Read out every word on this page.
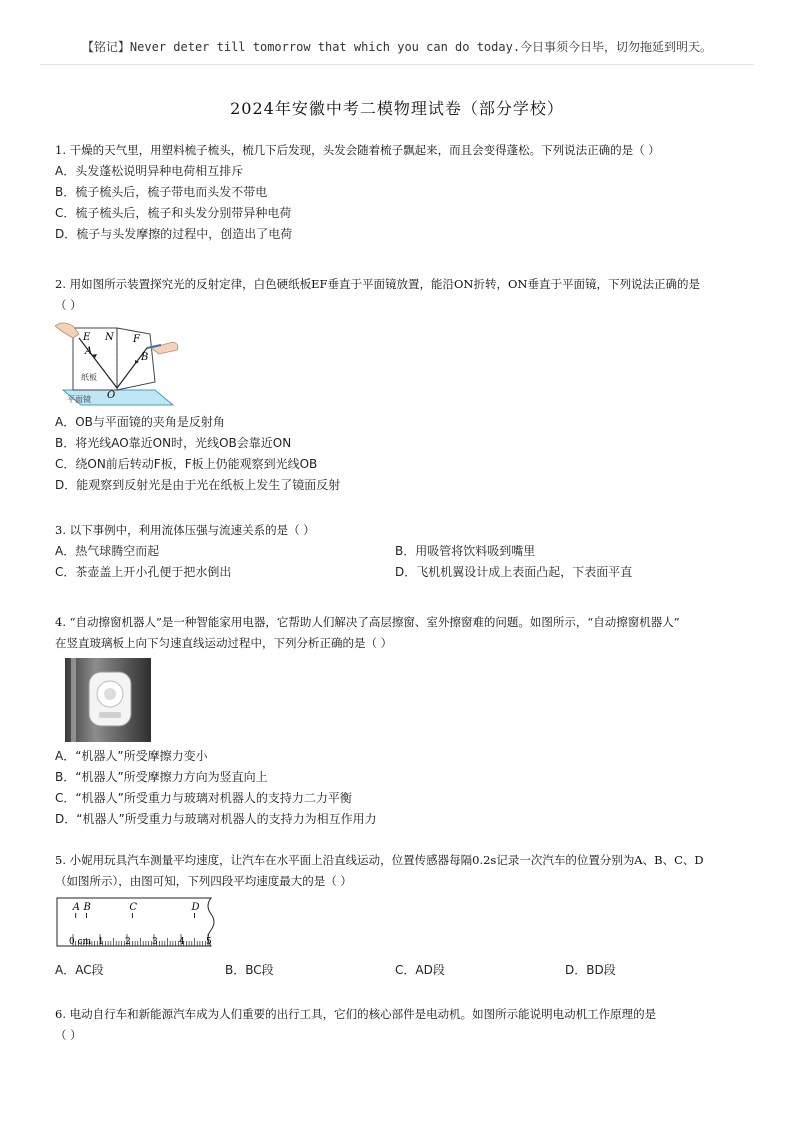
【铭记】Never deter till tomorrow that which you can do today.今日事须今日毕，切勿拖延到明天。
2024年安徽中考二模物理试卷（部分学校）
1. 干燥的天气里，用塑料梳子梳头，梳几下后发现，头发会随着梳子飘起来，而且会变得蓬松。下列说法正确的是（ ）
A．头发蓬松说明异种电荷相互排斥
B．梳子梳头后，梳子带电而头发不带电
C．梳子梳头后，梳子和头发分别带异种电荷
D．梳子与头发摩擦的过程中，创造出了电荷
2. 用如图所示装置探究光的反射定律，白色硬纸板EF垂直于平面镜放置，能沿ON折转，ON垂直于平面镜，下列说法正确的是
（ ）
平面镜
纸板
E N F
A
B
O
A．OB与平面镜的夹角是反射角
B．将光线AO靠近ON时，光线OB会靠近ON
C．绕ON前后转动F板，F板上仍能观察到光线OB
D．能观察到反射光是由于光在纸板上发生了镜面反射
3. 以下事例中，利用流体压强与流速关系的是（ ）
A．热气球腾空而起	B．用吸管将饮料吸到嘴里
C．茶壶盖上开小孔便于把水倒出	D．飞机机翼设计成上表面凸起，下表面平直
4. “自动擦窗机器人”是一种智能家用电器，它帮助人们解决了高层擦窗、室外擦窗难的问题。如图所示，“自动擦窗机器人”
在竖直玻璃板上向下匀速直线运动过程中，下列分析正确的是（ ）
A．“机器人”所受摩擦力变小
B．“机器人”所受摩擦力方向为竖直向上
C．“机器人”所受重力与玻璃对机器人的支持力二力平衡
D．“机器人”所受重力与玻璃对机器人的支持力为相互作用力
5. 小妮用玩具汽车测量平均速度，让汽车在水平面上沿直线运动，位置传感器每隔0.2s记录一次汽车的位置分别为A、B、C、D
（如图所示），由图可知，下列四段平均速度最大的是（ ）
0 cm 1 2 3 4 5
A B	C	D
A．AC段	B．BC段	C．AD段	D．BD段
6. 电动自行车和新能源汽车成为人们重要的出行工具，它们的核心部件是电动机。如图所示能说明电动机工作原理的是
（ ）
